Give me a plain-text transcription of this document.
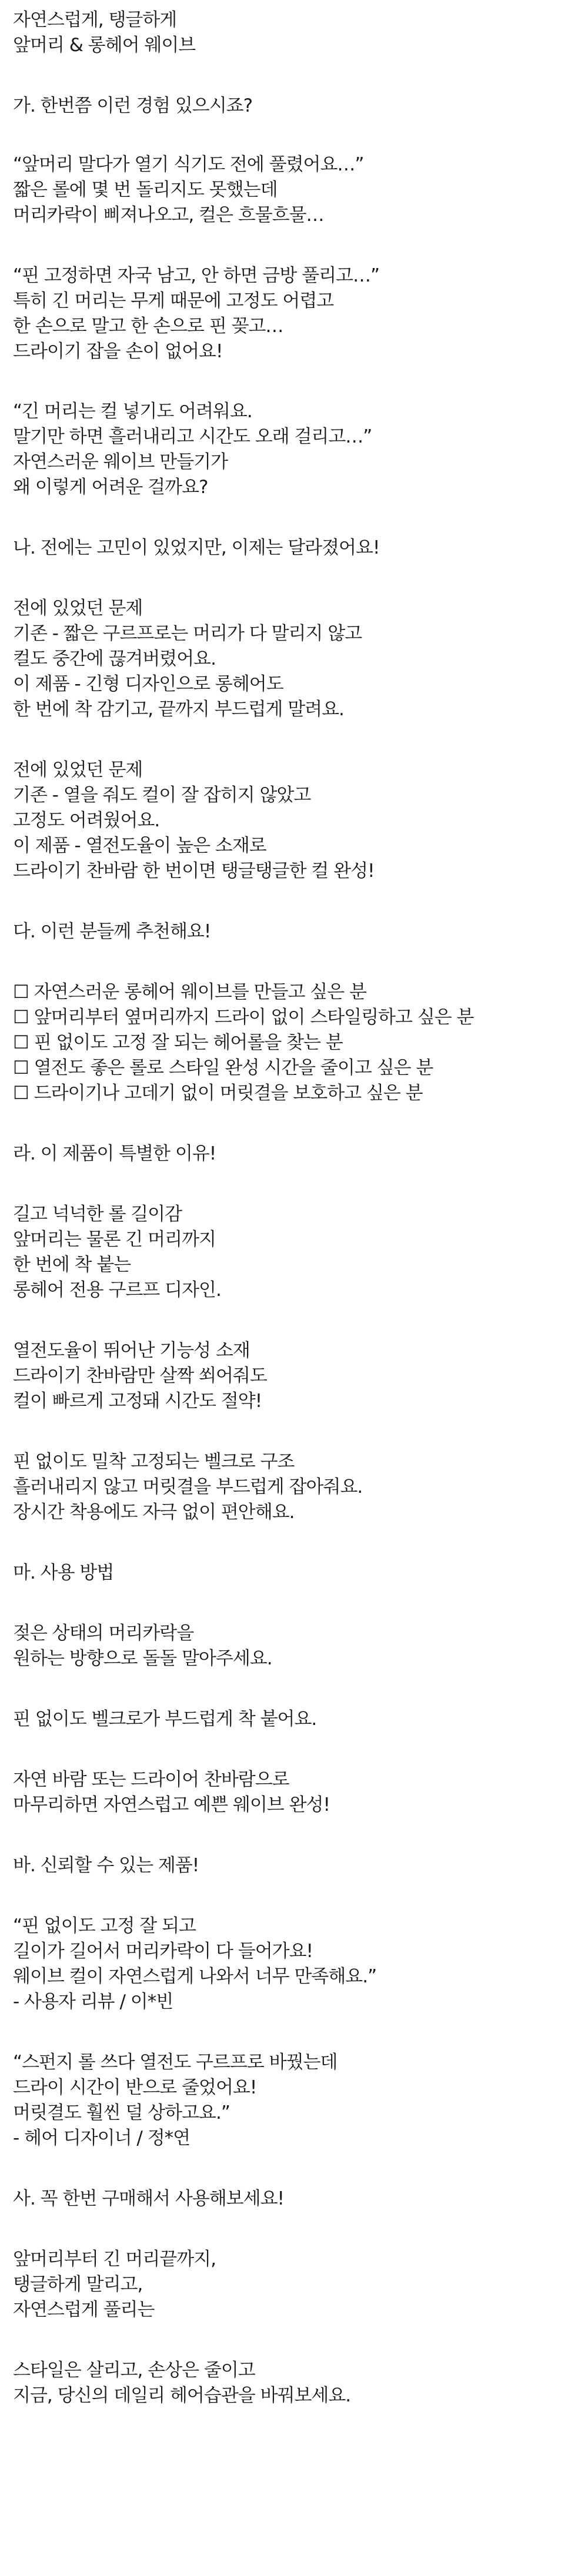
자연스럽게, 탱글하게

앞머리 & 롱헤어 웨이브

가. 한번쯤 이런 경험 있으시죠?

“앞머리 말다가 열기 식기도 전에 풀렸어요…”

짧은 롤에 몇 번 돌리지도 못했는데

머리카락이 삐져나오고, 컬은 흐물흐물…

“핀 고정하면 자국 남고, 안 하면 금방 풀리고…”

특히 긴 머리는 무게 때문에 고정도 어렵고

한 손으로 말고 한 손으로 핀 꽂고…

드라이기 잡을 손이 없어요!

“긴 머리는 컬 넣기도 어려워요.

말기만 하면 흘러내리고 시간도 오래 걸리고…”

자연스러운 웨이브 만들기가

왜 이렇게 어려운 걸까요?

나. 전에는 고민이 있었지만, 이제는 달라졌어요!

전에 있었던 문제

기존 - 짧은 구르프로는 머리가 다 말리지 않고

컬도 중간에 끊겨버렸어요.

이 제품 - 긴형 디자인으로 롱헤어도

한 번에 착 감기고, 끝까지 부드럽게 말려요.

전에 있었던 문제

기존 - 열을 줘도 컬이 잘 잡히지 않았고

고정도 어려웠어요.

이 제품 - 열전도율이 높은 소재로

드라이기 찬바람 한 번이면 탱글탱글한 컬 완성!

다. 이런 분들께 추천해요!

☐ 자연스러운 롱헤어 웨이브를 만들고 싶은 분

☐ 앞머리부터 옆머리까지 드라이 없이 스타일링하고 싶은 분

☐ 핀 없이도 고정 잘 되는 헤어롤을 찾는 분

☐ 열전도 좋은 롤로 스타일 완성 시간을 줄이고 싶은 분

☐ 드라이기나 고데기 없이 머릿결을 보호하고 싶은 분

라. 이 제품이 특별한 이유!

길고 넉넉한 롤 길이감

앞머리는 물론 긴 머리까지

한 번에 착 붙는

롱헤어 전용 구르프 디자인.

열전도율이 뛰어난 기능성 소재

드라이기 찬바람만 살짝 쐬어줘도

컬이 빠르게 고정돼 시간도 절약!

핀 없이도 밀착 고정되는 벨크로 구조

흘러내리지 않고 머릿결을 부드럽게 잡아줘요.

장시간 착용에도 자극 없이 편안해요.

마. 사용 방법

젖은 상태의 머리카락을

원하는 방향으로 돌돌 말아주세요.

핀 없이도 벨크로가 부드럽게 착 붙어요.

자연 바람 또는 드라이어 찬바람으로

마무리하면 자연스럽고 예쁜 웨이브 완성!

바. 신뢰할 수 있는 제품!

“핀 없이도 고정 잘 되고

길이가 길어서 머리카락이 다 들어가요!

웨이브 컬이 자연스럽게 나와서 너무 만족해요.”

- 사용자 리뷰 / 이*빈

“스펀지 롤 쓰다 열전도 구르프로 바꿨는데

드라이 시간이 반으로 줄었어요!

머릿결도 훨씬 덜 상하고요.”

- 헤어 디자이너 / 정*연

사. 꼭 한번 구매해서 사용해보세요!

앞머리부터 긴 머리끝까지,

탱글하게 말리고,

자연스럽게 풀리는

스타일은 살리고, 손상은 줄이고

지금, 당신의 데일리 헤어습관을 바꿔보세요.
